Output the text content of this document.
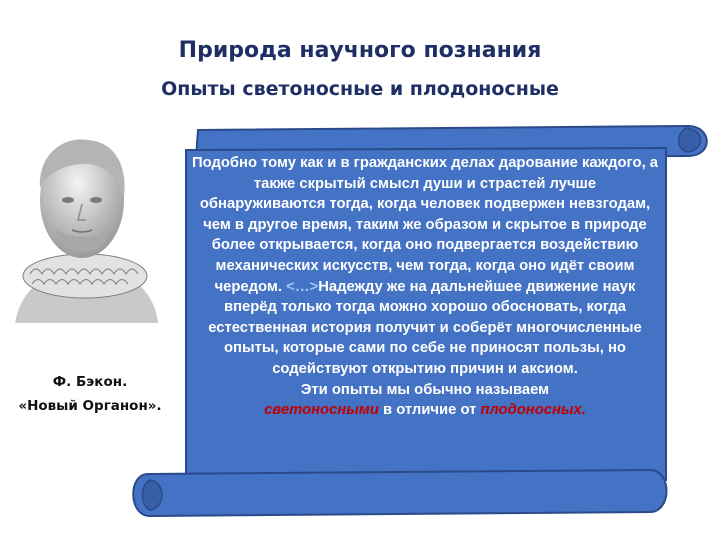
Природа научного познания
Опыты светоносные и плодоносные
Ф. Бэкон.
«Новый Органон».
Подобно тому как и в гражданских делах дарование каждого, а также скрытый смысл души и страстей лучше обнаруживаются тогда, когда человек подвержен невзгодам, чем в другое время, таким же образом и скрытое в природе более открывается, когда оно подвергается воздействию механических искусств, чем тогда, когда оно идёт своим чередом. <…>Надежду же на дальнейшее движение наук вперёд только тогда можно хорошо обосновать, когда естественная история получит и соберёт многочисленные опыты, которые сами по себе не приносят пользы, но содействуют открытию причин и аксиом.
Эти опыты мы обычно называем
светоносными в отличие от плодоносных.
